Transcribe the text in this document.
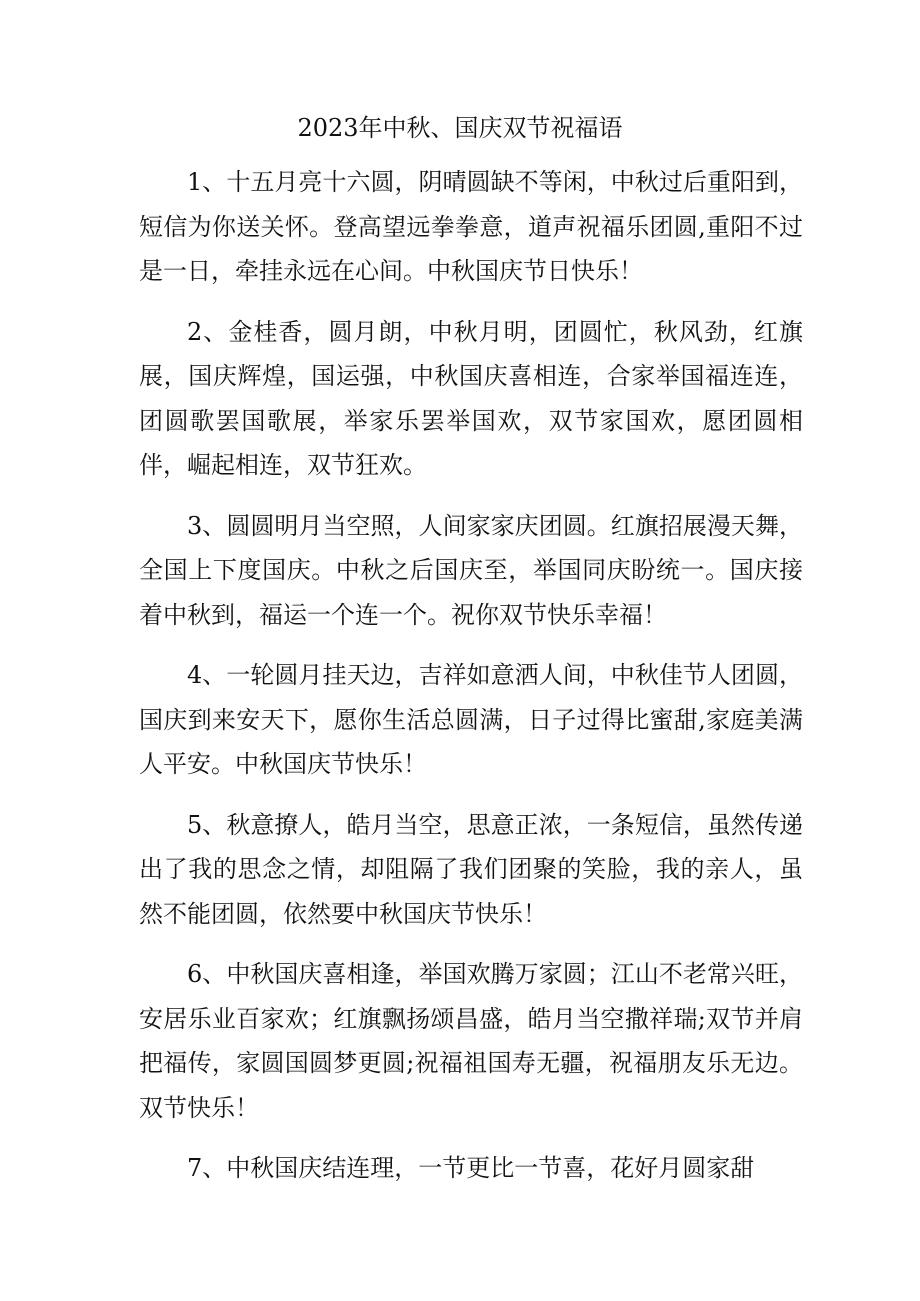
2023年中秋、国庆双节祝福语

1、十五月亮十六圆，阴晴圆缺不等闲，中秋过后重阳到，短信为你送关怀。登高望远拳拳意，道声祝福乐团圆,重阳不过是一日，牵挂永远在心间。中秋国庆节日快乐！

2、金桂香，圆月朗，中秋月明，团圆忙，秋风劲，红旗展，国庆辉煌，国运强，中秋国庆喜相连，合家举国福连连，团圆歌罢国歌展，举家乐罢举国欢，双节家国欢，愿团圆相伴，崛起相连，双节狂欢。

3、圆圆明月当空照，人间家家庆团圆。红旗招展漫天舞，全国上下度国庆。中秋之后国庆至，举国同庆盼统一。国庆接着中秋到，福运一个连一个。祝你双节快乐幸福！

4、一轮圆月挂天边，吉祥如意洒人间，中秋佳节人团圆，国庆到来安天下，愿你生活总圆满，日子过得比蜜甜,家庭美满人平安。中秋国庆节快乐！

5、秋意撩人，皓月当空，思意正浓，一条短信，虽然传递出了我的思念之情，却阻隔了我们团聚的笑脸，我的亲人，虽然不能团圆，依然要中秋国庆节快乐！

6、中秋国庆喜相逢，举国欢腾万家圆；江山不老常兴旺，安居乐业百家欢；红旗飘扬颂昌盛，皓月当空撒祥瑞;双节并肩把福传，家圆国圆梦更圆;祝福祖国寿无疆，祝福朋友乐无边。双节快乐！

7、中秋国庆结连理，一节更比一节喜，花好月圆家甜
